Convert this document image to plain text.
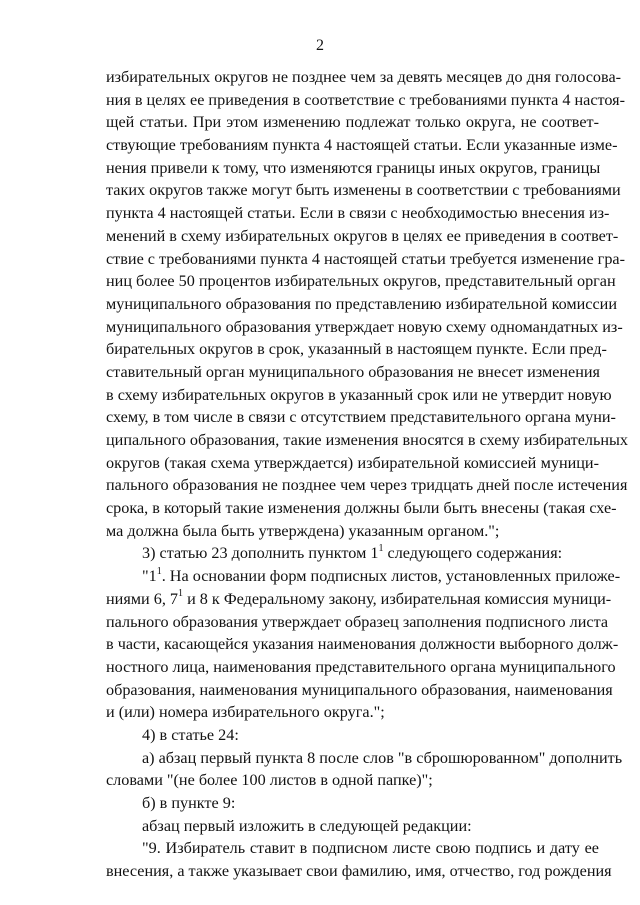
2
избирательных округов не позднее чем за девять месяцев до дня голосова-
ния в целях ее приведения в соответствие с требованиями пункта 4 настоя-
щей статьи. При этом изменению подлежат только округа, не соответ-
ствующие требованиям пункта 4 настоящей статьи. Если указанные изме-
нения привели к тому, что изменяются границы иных округов, границы
таких округов также могут быть изменены в соответствии с требованиями
пункта 4 настоящей статьи. Если в связи с необходимостью внесения из-
менений в схему избирательных округов в целях ее приведения в соответ-
ствие с требованиями пункта 4 настоящей статьи требуется изменение гра-
ниц более 50 процентов избирательных округов, представительный орган
муниципального образования по представлению избирательной комиссии
муниципального образования утверждает новую схему одномандатных из-
бирательных округов в срок, указанный в настоящем пункте. Если пред-
ставительный орган муниципального образования не внесет изменения
в схему избирательных округов в указанный срок или не утвердит новую
схему, в том числе в связи с отсутствием представительного органа муни-
ципального образования, такие изменения вносятся в схему избирательных
округов (такая схема утверждается) избирательной комиссией муници-
пального образования не позднее чем через тридцать дней после истечения
срока, в который такие изменения должны были быть внесены (такая схе-
ма должна была быть утверждена) указанным органом.";
3) статью 23 дополнить пунктом $1^1$ следующего содержания:
"$1^1$. На основании форм подписных листов, установленных приложе-
ниями 6, $7^1$ и 8 к Федеральному закону, избирательная комиссия муници-
пального образования утверждает образец заполнения подписного листа
в части, касающейся указания наименования должности выборного долж-
ностного лица, наименования представительного органа муниципального
образования, наименования муниципального образования, наименования
и (или) номера избирательного округа.";
4) в статье 24:
а) абзац первый пункта 8 после слов "в сброшюрованном" дополнить
словами "(не более 100 листов в одной папке)";
б) в пункте 9:
абзац первый изложить в следующей редакции:
"9. Избиратель ставит в подписном листе свою подпись и дату ее
внесения, а также указывает свои фамилию, имя, отчество, год рождения
